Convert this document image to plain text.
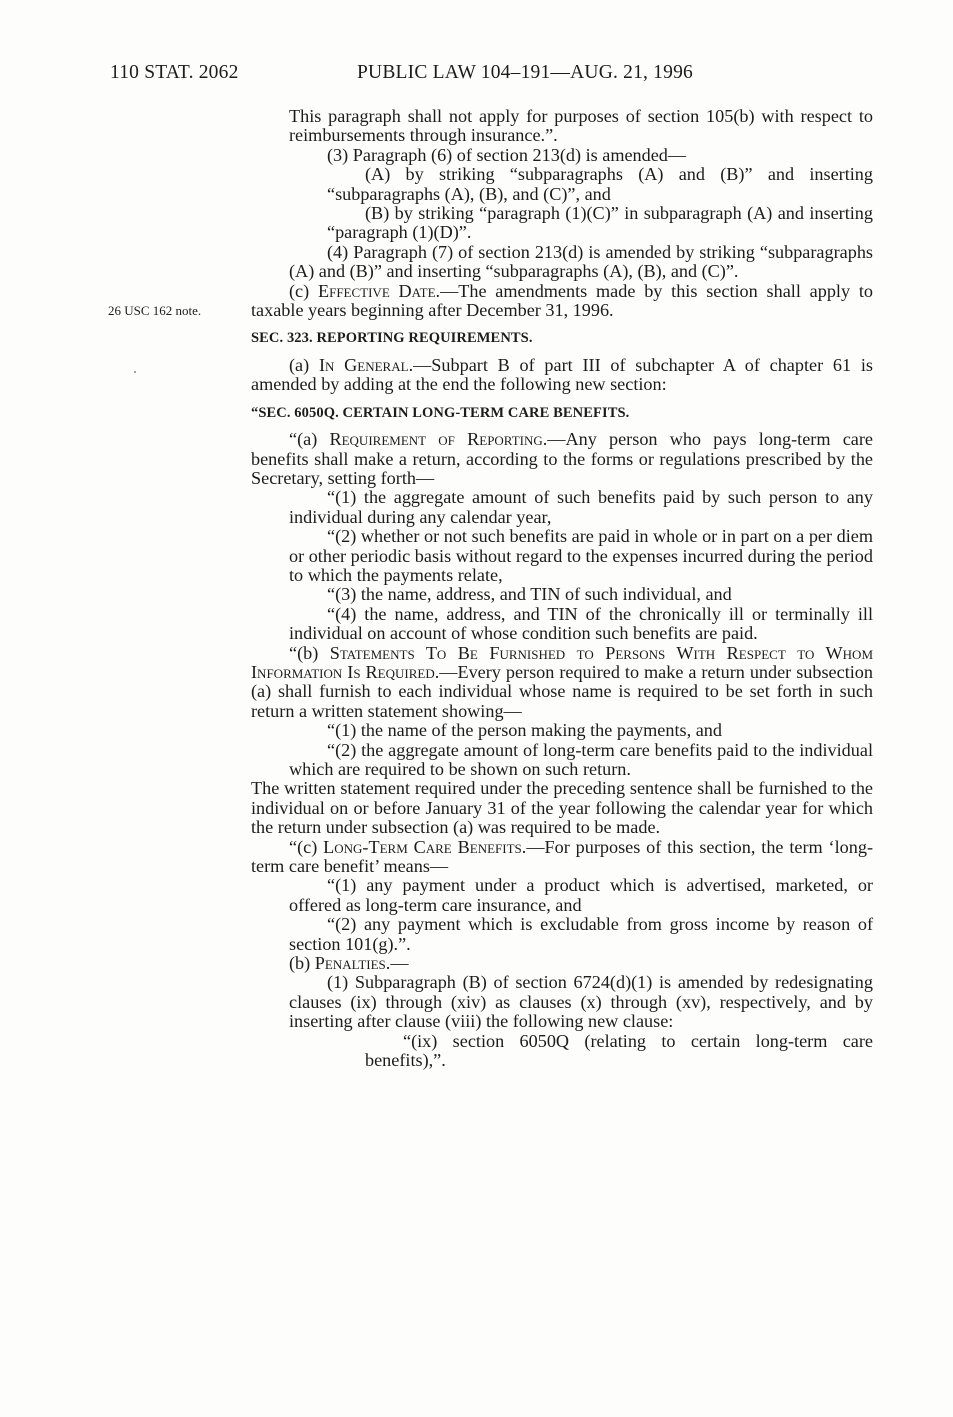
110 STAT. 2062	PUBLIC LAW 104–191—AUG. 21, 1996
26 USC 162 note.

This paragraph shall not apply for purposes of section 105(b) with respect to reimbursements through insurance.”.

(3) Paragraph (6) of section 213(d) is amended—

(A) by striking “subparagraphs (A) and (B)” and inserting “subparagraphs (A), (B), and (C)”, and

(B) by striking “paragraph (1)(C)” in subparagraph (A) and inserting “paragraph (1)(D)”.

(4) Paragraph (7) of section 213(d) is amended by striking “subparagraphs (A) and (B)” and inserting “subparagraphs (A), (B), and (C)”.

(c) Effective Date.—The amendments made by this section shall apply to taxable years beginning after December 31, 1996.

SEC. 323. REPORTING REQUIREMENTS.

(a) In General.—Subpart B of part III of subchapter A of chapter 61 is amended by adding at the end the following new section:

“SEC. 6050Q. CERTAIN LONG-TERM CARE BENEFITS.

“(a) Requirement of Reporting.—Any person who pays long-term care benefits shall make a return, according to the forms or regulations prescribed by the Secretary, setting forth—

“(1) the aggregate amount of such benefits paid by such person to any individual during any calendar year,

“(2) whether or not such benefits are paid in whole or in part on a per diem or other periodic basis without regard to the expenses incurred during the period to which the payments relate,

“(3) the name, address, and TIN of such individual, and

“(4) the name, address, and TIN of the chronically ill or terminally ill individual on account of whose condition such benefits are paid.

“(b) Statements To Be Furnished to Persons With Respect to Whom Information Is Required.—Every person required to make a return under subsection (a) shall furnish to each individual whose name is required to be set forth in such return a written statement showing—

“(1) the name of the person making the payments, and

“(2) the aggregate amount of long-term care benefits paid to the individual which are required to be shown on such return.

The written statement required under the preceding sentence shall be furnished to the individual on or before January 31 of the year following the calendar year for which the return under subsection (a) was required to be made.

“(c) Long-Term Care Benefits.—For purposes of this section, the term ‘long-term care benefit’ means—

“(1) any payment under a product which is advertised, marketed, or offered as long-term care insurance, and

“(2) any payment which is excludable from gross income by reason of section 101(g).”.

(b) Penalties.—

(1) Subparagraph (B) of section 6724(d)(1) is amended by redesignating clauses (ix) through (xiv) as clauses (x) through (xv), respectively, and by inserting after clause (viii) the following new clause:

“(ix) section 6050Q (relating to certain long-term care benefits),”.
